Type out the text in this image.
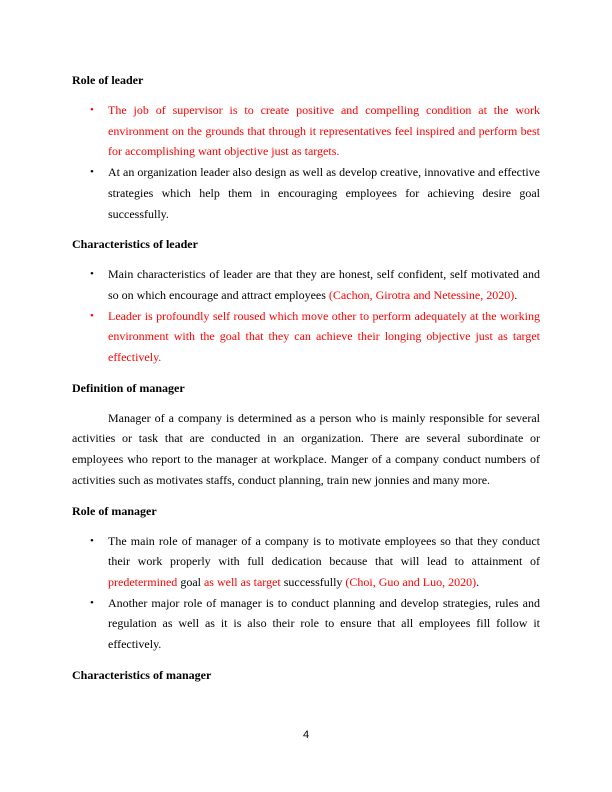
Role of leader

• The job of supervisor is to create positive and compelling condition at the work environment on the grounds that through it representatives feel inspired and perform best for accomplishing want objective just as targets.
• At an organization leader also design as well as develop creative, innovative and effective strategies which help them in encouraging employees for achieving desire goal successfully.

Characteristics of leader

• Main characteristics of leader are that they are honest, self confident, self motivated and so on which encourage and attract employees (Cachon, Girotra and Netessine, 2020).
• Leader is profoundly self roused which move other to perform adequately at the working environment with the goal that they can achieve their longing objective just as target effectively.

Definition of manager

Manager of a company is determined as a person who is mainly responsible for several activities or task that are conducted in an organization. There are several subordinate or employees who report to the manager at workplace. Manger of a company conduct numbers of activities such as motivates staffs, conduct planning, train new jonnies and many more.

Role of manager

• The main role of manager of a company is to motivate employees so that they conduct their work properly with full dedication because that will lead to attainment of predetermined goal as well as target successfully (Choi, Guo and Luo, 2020).
• Another major role of manager is to conduct planning and develop strategies, rules and regulation as well as it is also their role to ensure that all employees fill follow it effectively.

Characteristics of manager

4
